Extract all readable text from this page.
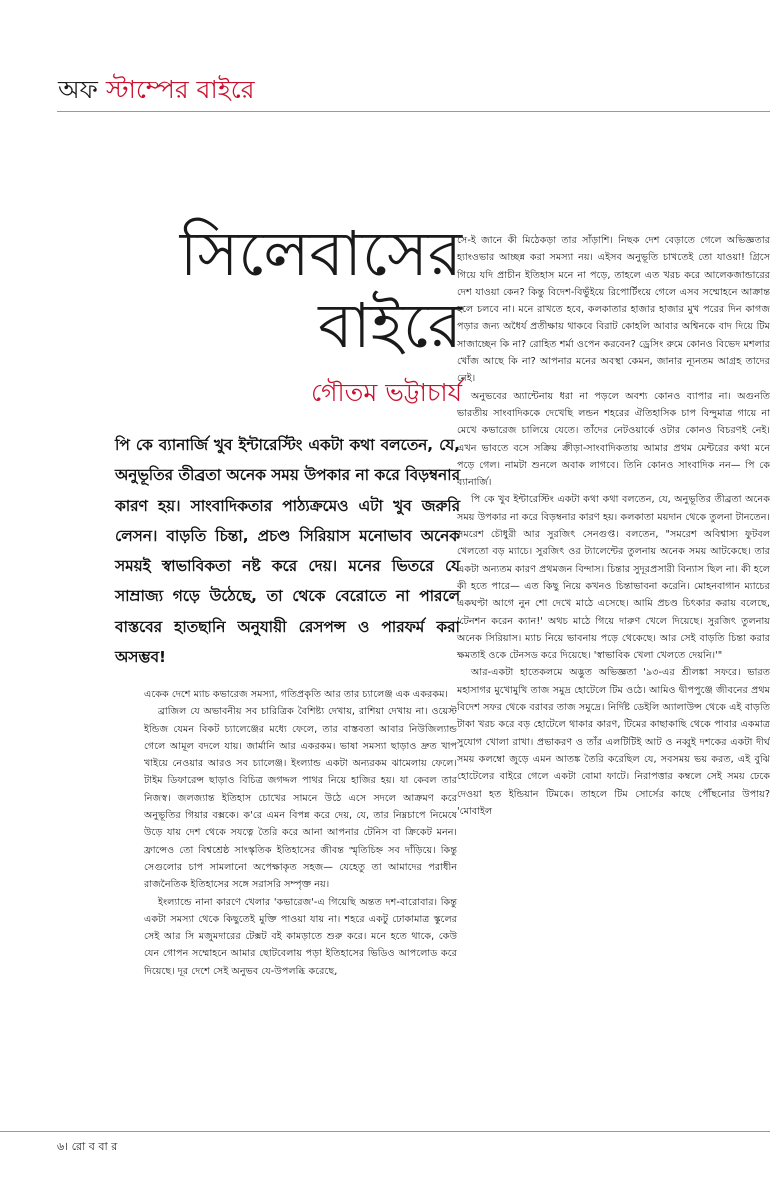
অফ স্টাম্পের বাইরে
সিলেবাসের
বাইরে
গৌতম ভট্টাচার্য
পি কে ব্যানার্জি খুব ইন্টারেস্টিং একটা কথা বলতেন, যে, অনুভূতির তীব্রতা অনেক সময় উপকার না করে বিড়ম্বনার কারণ হয়। সাংবাদিকতার পাঠ্যক্রমেও এটা খুব জরুরি লেসন। বাড়তি চিন্তা, প্রচণ্ড সিরিয়াস মনোভাব অনেক সময়ই স্বাভাবিকতা নষ্ট করে দেয়। মনের ভিতরে যে সাম্রাজ্য গড়ে উঠেছে, তা থেকে বেরোতে না পারলে বাস্তবের হাতছানি অনুযায়ী রেসপন্স ও পারফর্ম করা অসম্ভব!

একেক দেশে ম্যাচ কভারেজ সমস্যা, গতিপ্রকৃতি আর তার চ্যালেঞ্জ এক একরকম।

ব্রাজিল যে অভাবনীয় সব চারিত্রিক বৈশিষ্ট্য দেখায়, রাশিয়া দেখায় না। ওয়েস্ট ইন্ডিজ যেমন বিকট চ্যালেঞ্জের মধ্যে ফেলে, তার বাস্তবতা আবার নিউজিল্যান্ড গেলে আমূল বদলে যায়। জার্মানি আর একরকম। ভাষা সমস্যা ছাড়াও দ্রুত খাপ খাইয়ে নেওয়ার আরও সব চ্যালেঞ্জ। ইংল্যান্ড একটা অন্যরকম ঝামেলায় ফেলে। টাইম ডিফারেন্স ছাড়াও বিচিত্র জগদ্দল পাথর নিয়ে হাজির হয়। যা কেবল তার নিজস্ব। জলজ্যান্ত ইতিহাস চোখের সামনে উঠে এসে সদলে আক্রমণ করে অনুভূতির গিয়ার বক্সকে। ক'রে এমন বিপন্ন করে দেয়, যে, তার নিম্নচাপে নিমেষে উড়ে যায় দেশ থেকে সযত্নে তৈরি করে আনা আপনার টেনিস বা ক্রিকেট মনন। ফ্রান্সেও তো বিশ্বশ্রেষ্ঠ সাংস্কৃতিক ইতিহাসের জীবন্ত স্মৃতিচিহ্ন সব দাঁড়িয়ে। কিন্তু সেগুলোর চাপ সামলানো অপেক্ষাকৃত সহজ— যেহেতু তা আমাদের পরাধীন রাজনৈতিক ইতিহাসের সঙ্গে সরাসরি সম্পৃক্ত নয়।

ইংল্যান্ডে নানা কারণে খেলার 'কভারেজ'-এ গিয়েছি অন্তত দশ-বারোবার। কিন্তু একটা সমস্যা থেকে কিছুতেই মুক্তি পাওয়া যায় না। শহরে একটু ঢোকামাত্র স্কুলের সেই আর সি মজুমদারের টেক্সট বই কামড়াতে শুরু করে। মনে হতে থাকে, কেউ যেন গোপন সম্মোহনে আমার ছোটবেলায় পড়া ইতিহাসের ভিডিও আপলোড করে দিয়েছে। দূর দেশে সেই অনুভব যে-উপলব্ধি করেছে,

সে-ই জানে কী মিঠেকড়া তার সাঁড়াশি। নিছক দেশ বেড়াতে গেলে অভিজ্ঞতার হ্যাংওভার আচ্ছন্ন করা সমস্যা নয়। এইসব অনুভূতি চাখতেই তো যাওয়া! গ্রিসে গিয়ে যদি প্রাচীন ইতিহাস মনে না পড়ে, তাহলে এত খরচ করে আলেকজান্ডারের দেশ যাওয়া কেন? কিন্তু বিদেশ-বিভুঁইয়ে রিপোর্টিংয়ে গেলে এসব সম্মোহনে আক্রান্ত হলে চলবে না। মনে রাখতে হবে, কলকাতার হাজার হাজার মুখ পরের দিন কাগজ পড়ার জন্য অধৈর্য প্রতীক্ষায় থাকবে বিরাট কোহলি আবার অশ্বিনকে বাদ দিয়ে টিম সাজাচ্ছেন কি না? রোহিত শর্মা ওপেন করবেন? ড্রেসিং রুমে কোনও বিভেদ মশলার খোঁজ আছে কি না? আপনার মনের অবস্থা কেমন, জানার ন্যূনতম আগ্রহ তাদের নেই।

অনুভবের অ্যান্টেনায় ধরা না পড়লে অবশ্য কোনও ব্যাপার না। অগুনতি ভারতীয় সাংবাদিককে দেখেছি লন্ডন শহরের ঐতিহাসিক চাপ বিন্দুমাত্র গায়ে না মেখে কভারেজ চালিয়ে যেতে। তাঁদের নেটওয়ার্কে ওটার কোনও বিচরণই নেই। এখন ভাবতে বসে সক্রিয় ক্রীড়া-সাংবাদিকতায় আমার প্রথম মেন্টরের কথা মনে পড়ে গেল। নামটা শুনলে অবাক লাগবে। তিনি কোনও সাংবাদিক নন— পি কে ব্যানার্জি।

পি কে খুব ইন্টারেস্টিং একটা কথা কথা বলতেন, যে, অনুভূতির তীব্রতা অনেক সময় উপকার না করে বিড়ম্বনার কারণ হয়। কলকাতা ময়দান থেকে তুলনা টানতেন। সমরেশ চৌধুরী আর সুরজিৎ সেনগুপ্ত। বলতেন, "সমরেশ অবিশ্বাস্য ফুটবল খেলতো বড় ম্যাচে। সুরজিৎ ওর ট্যালেন্টের তুলনায় অনেক সময় আটকেছে। তার একটা অন্যতম কারণ প্রথমজন বিন্দাস। চিন্তার সুদূরপ্রসারী বিন্যাস ছিল না। কী হলে কী হতে পারে— এত কিছু নিয়ে কখনও চিন্তাভাবনা করেনি। মোহনবাগান ম্যাচের একঘণ্টা আগে নুন শো দেখে মাঠে এসেছে। আমি প্রচণ্ড চিৎকার করায় বলেছে, 'টেনশন করেন ক্যান!' অথচ মাঠে গিয়ে দারুণ খেলে দিয়েছে। সুরজিৎ তুলনায় অনেক সিরিয়াস। ম্যাচ নিয়ে ভাবনায় পড়ে থেকেছে। আর সেই বাড়তি চিন্তা করার ক্ষমতাই ওকে টেনসড করে দিয়েছে। 'স্বাভাবিক খেলা খেলতে দেয়নি।'"

আর-একটা হাতেকলমে অদ্ভুত অভিজ্ঞতা '৯৩-এর শ্রীলঙ্কা সফরে। ভারত মহাসাগর মুখোমুখি তাজ সমুদ্র হোটেলে টিম ওঠে। আমিও দ্বীপপুঞ্জে জীবনের প্রথম বিদেশ সফর থেকে বরাবর তাজ সমুদ্রে। নির্দিষ্ট ডেইলি অ্যালাউন্স থেকে এই বাড়তি টাকা খরচ করে বড় হোটেলে থাকার কারণ, টিমের কাছাকাছি থেকে পাবার একমাত্র সুযোগ খোলা রাখা। প্রভাকরণ ও তাঁর এলটিটিই আট ও নব্বুই দশকের একটা দীর্ঘ সময় কলম্বো জুড়ে এমন আতঙ্ক তৈরি করেছিল যে, সবসময় ভয় করত, এই বুঝি হোটেলের বাইরে গেলে একটা বোমা ফাটে। নিরাপত্তার কম্বলে সেই সময় ঢেকে দেওয়া হত ইন্ডিয়ান টিমকে। তাহলে টিম সোর্সের কাছে পৌঁছনোর উপায়? 'মোবাইল

৬। রো ব বা র
